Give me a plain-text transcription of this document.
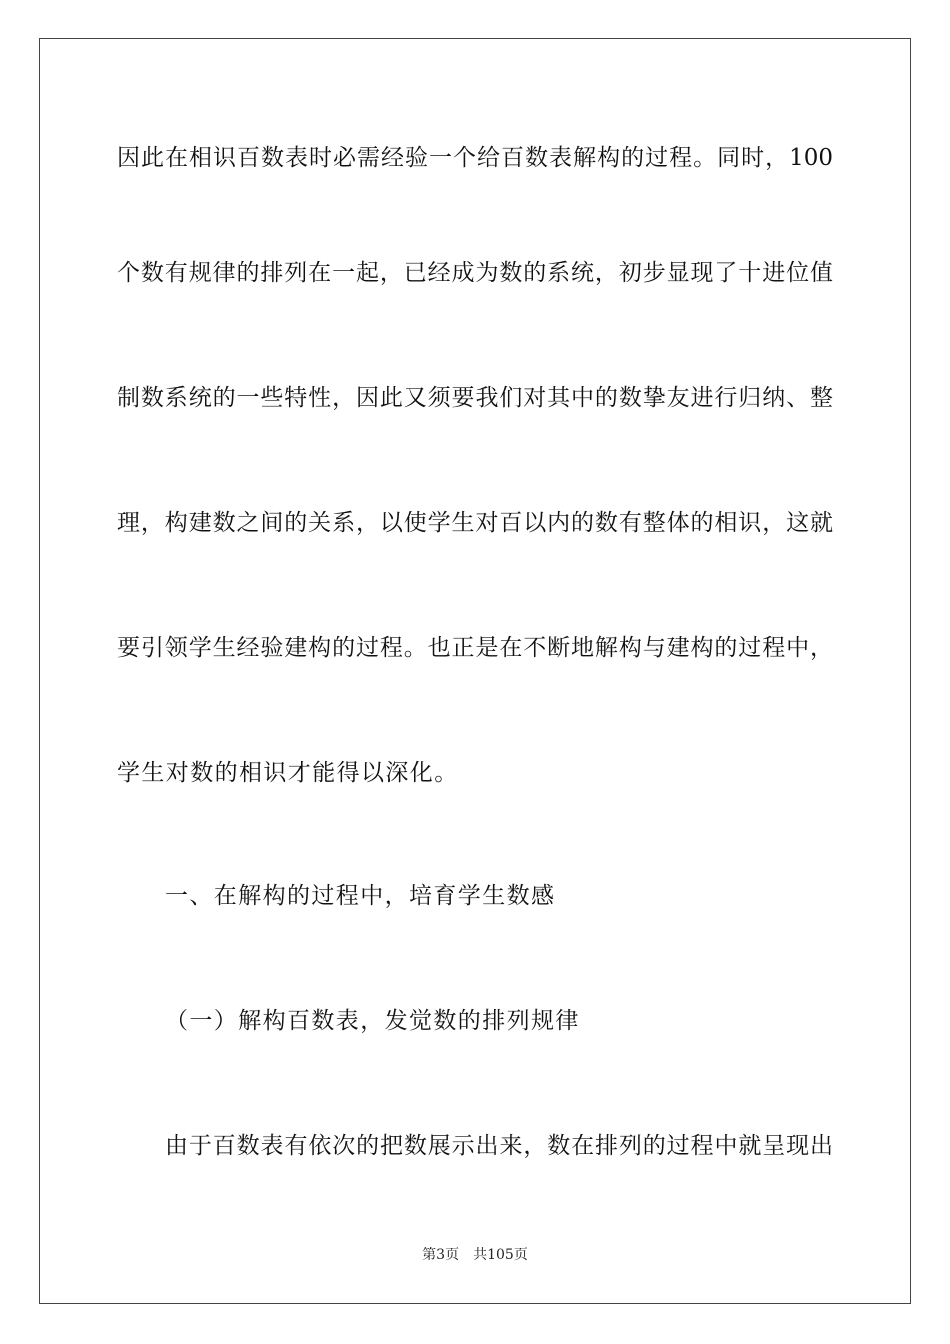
因此在相识百数表时必需经验一个给百数表解构的过程。同时，100
个数有规律的排列在一起，已经成为数的系统，初步显现了十进位值
制数系统的一些特性，因此又须要我们对其中的数挚友进行归纳、整
理，构建数之间的关系，以使学生对百以内的数有整体的相识，这就
要引领学生经验建构的过程。也正是在不断地解构与建构的过程中，
学生对数的相识才能得以深化。
一、在解构的过程中，培育学生数感
（一）解构百数表，发觉数的排列规律
由于百数表有依次的把数展示出来，数在排列的过程中就呈现出
第3页 共105页
